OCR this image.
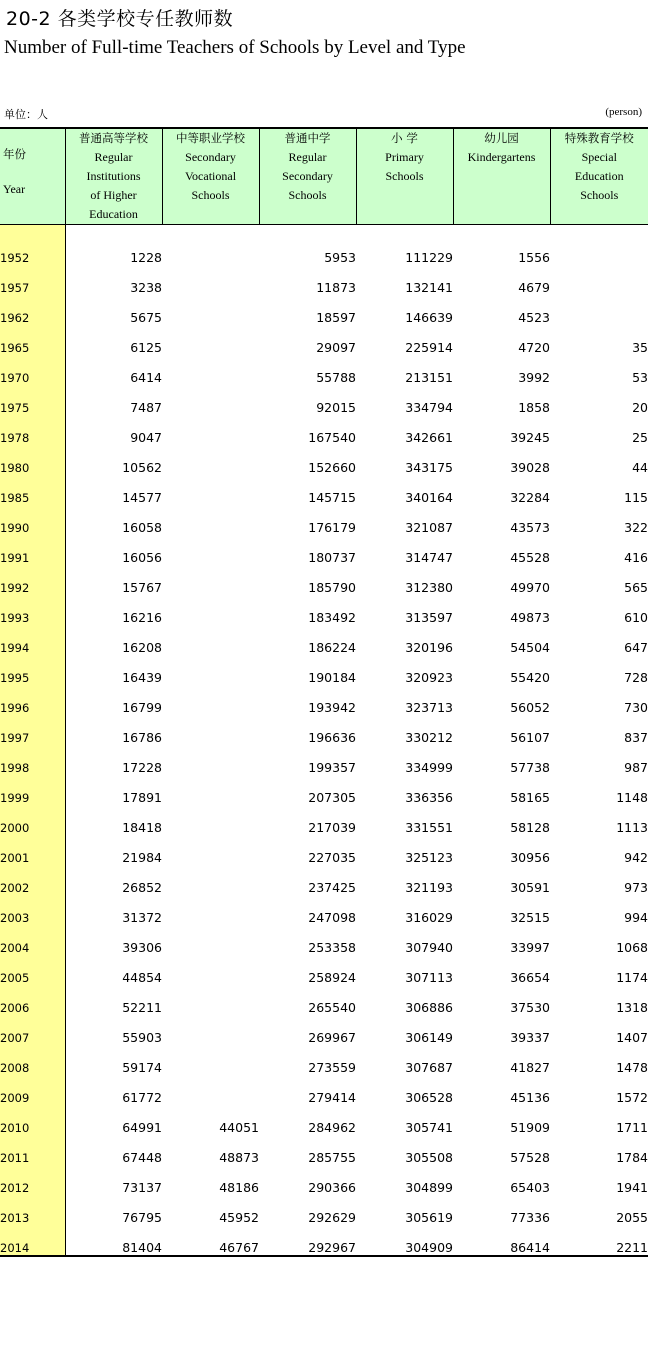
20-2 各类学校专任教师数
Number of Full-time Teachers of Schools by Level and Type
单位：人	(person)
年份
Year	普通高等学校
Regular
Institutions
of Higher
Education	中等职业学校
Secondary
Vocational
Schools	普通中学
Regular
Secondary
Schools	小 学
Primary
Schools	幼儿园
Kindergartens	特殊教育学校
Special
Education
Schools

1952	1228		5953	111229	1556	
1957	3238		11873	132141	4679	
1962	5675		18597	146639	4523	
1965	6125		29097	225914	4720	35
1970	6414		55788	213151	3992	53
1975	7487		92015	334794	1858	20
1978	9047		167540	342661	39245	25
1980	10562		152660	343175	39028	44
1985	14577		145715	340164	32284	115
1990	16058		176179	321087	43573	322
1991	16056		180737	314747	45528	416
1992	15767		185790	312380	49970	565
1993	16216		183492	313597	49873	610
1994	16208		186224	320196	54504	647
1995	16439		190184	320923	55420	728
1996	16799		193942	323713	56052	730
1997	16786		196636	330212	56107	837
1998	17228		199357	334999	57738	987
1999	17891		207305	336356	58165	1148
2000	18418		217039	331551	58128	1113
2001	21984		227035	325123	30956	942
2002	26852		237425	321193	30591	973
2003	31372		247098	316029	32515	994
2004	39306		253358	307940	33997	1068
2005	44854		258924	307113	36654	1174
2006	52211		265540	306886	37530	1318
2007	55903		269967	306149	39337	1407
2008	59174		273559	307687	41827	1478
2009	61772		279414	306528	45136	1572
2010	64991	44051	284962	305741	51909	1711
2011	67448	48873	285755	305508	57528	1784
2012	73137	48186	290366	304899	65403	1941
2013	76795	45952	292629	305619	77336	2055
2014	81404	46767	292967	304909	86414	2211
